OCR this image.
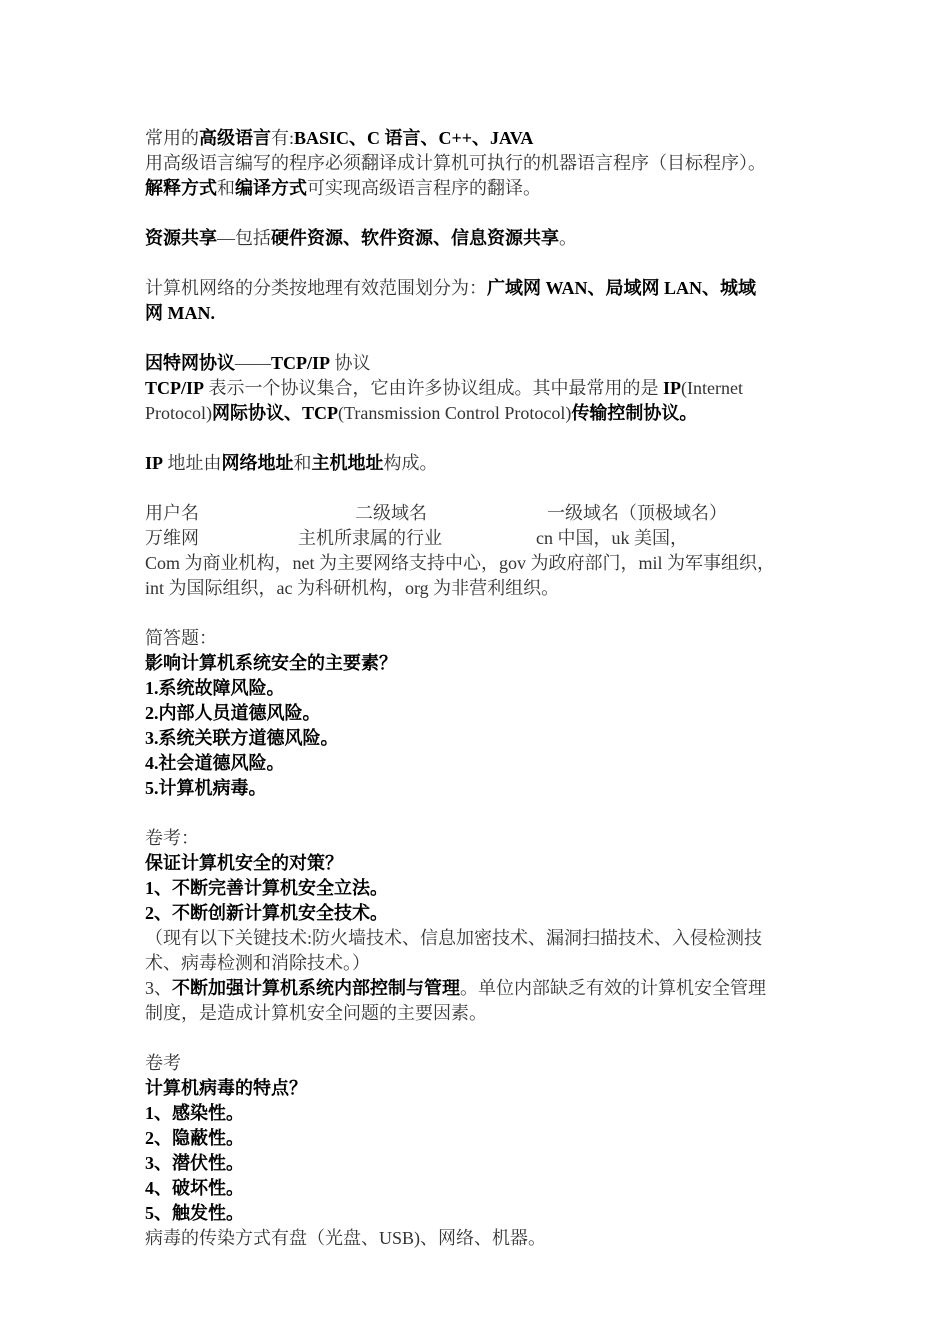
常用的高级语言有:BASIC、C 语言、C++、JAVA
用高级语言编写的程序必须翻译成计算机可执行的机器语言程序（目标程序）。
解释方式和编译方式可实现高级语言程序的翻译。
资源共享—包括硬件资源、软件资源、信息资源共享。
计算机网络的分类按地理有效范围划分为：广域网 WAN、局域网 LAN、城域
网 MAN.
因特网协议——TCP/IP 协议
TCP/IP 表示一个协议集合，它由许多协议组成。其中最常用的是 IP(Internet
Protocol)网际协议、TCP(Transmission Control Protocol)传输控制协议。
IP 地址由网络地址和主机地址构成。
用户名	二级域名	一级域名（顶极域名）
万维网	主机所隶属的行业	cn 中国，uk 美国，
Com 为商业机构，net 为主要网络支持中心，gov 为政府部门，mil 为军事组织，
int 为国际组织，ac 为科研机构，org 为非营利组织。
简答题：
影响计算机系统安全的主要素？
1.系统故障风险。
2.内部人员道德风险。
3.系统关联方道德风险。
4.社会道德风险。
5.计算机病毒。
卷考：
保证计算机安全的对策？
1、不断完善计算机安全立法。
2、不断创新计算机安全技术。
（现有以下关键技术:防火墙技术、信息加密技术、漏洞扫描技术、入侵检测技
术、病毒检测和消除技术。）
3、不断加强计算机系统内部控制与管理。单位内部缺乏有效的计算机安全管理
制度，是造成计算机安全问题的主要因素。
卷考
计算机病毒的特点？
1、感染性。
2、隐蔽性。
3、潜伏性。
4、破坏性。
5、触发性。
病毒的传染方式有盘（光盘、USB)、网络、机器。
